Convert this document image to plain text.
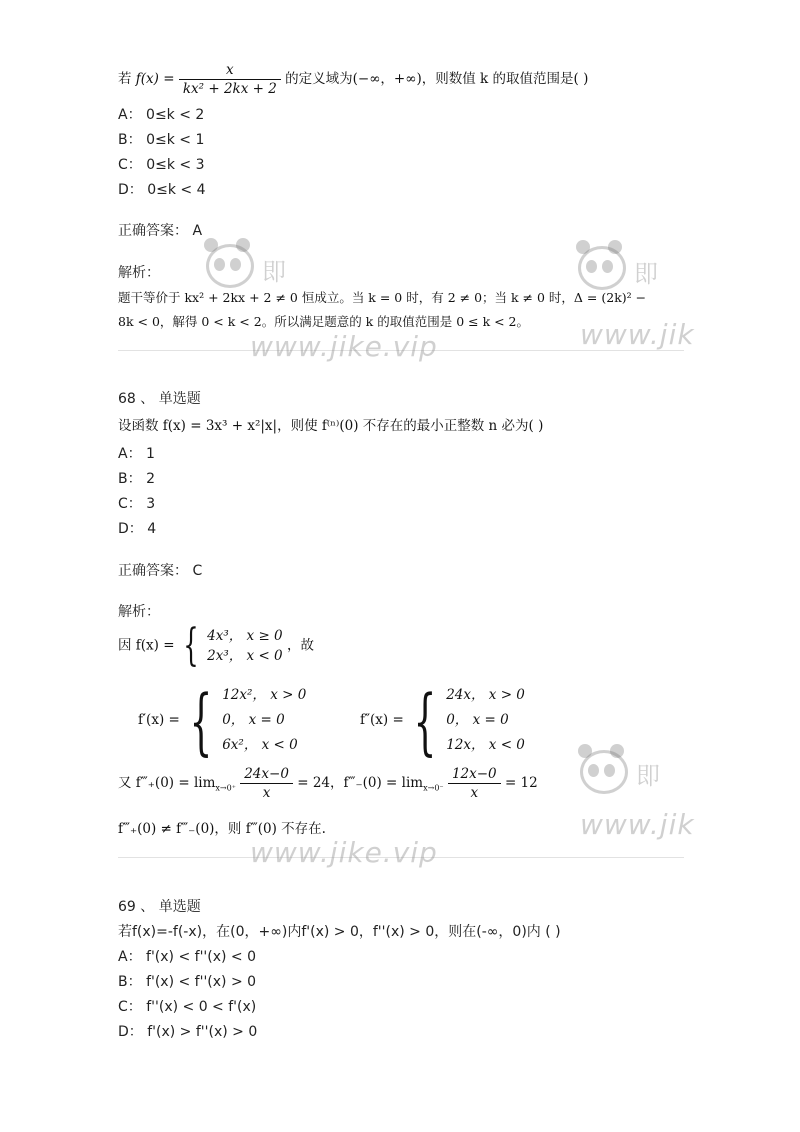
若 $f(x) = \frac{x}{\text{kx² + 2kx + 2}}$ 的定义域为(−∞，+∞)，则数值 k 的取值范围是( )
A： 0≤k < 2
B： 0≤k < 1
C： 0≤k < 3
D： 0≤k < 4
正确答案： A
解析：
题干等价于 kx² + 2kx + 2 ≠ 0 恒成立。当 k = 0 时，有 2 ≠ 0；当 k ≠ 0 时，Δ = (2k)² −
8k < 0，解得 0 < k < 2。所以满足题意的 k 的取值范围是 0 ≤ k < 2。
68 、 单选题
设函数 f(x) = 3x³ + x²|x|，则使 f⁽ⁿ⁾(0) 不存在的最小正整数 n 必为( )
A： 1
B： 2
C： 3
D： 4
正确答案： C
解析：
因 f(x) = { 4x³， x ≥ 0
2x³， x < 0
，故
f′(x) = { 12x²， x > 0
0， x = 0
6x²， x < 0
f″(x) = { 24x， x > 0
0， x = 0
12x， x < 0
又 f‴₊(0) = $\lim_{x\to 0^+} \frac{24x-0}{x} = 24$，f‴₋(0) = $\lim_{x\to 0^-} \frac{12x-0}{x} = 12$
f‴₊(0) ≠ f‴₋(0)，则 f‴(0) 不存在.
69 、 单选题
若f(x)=-f(-x)，在(0，+∞)内f'(x) > 0，f''(x) > 0，则在(-∞，0)内 ( )
A： f'(x) < f''(x) < 0
B： f'(x) < f''(x) > 0
C： f''(x) < 0 < f'(x)
D： f'(x) > f''(x) > 0
即
www.jike.vip
即
www.jik
即
www.jik
www.jike.vip
